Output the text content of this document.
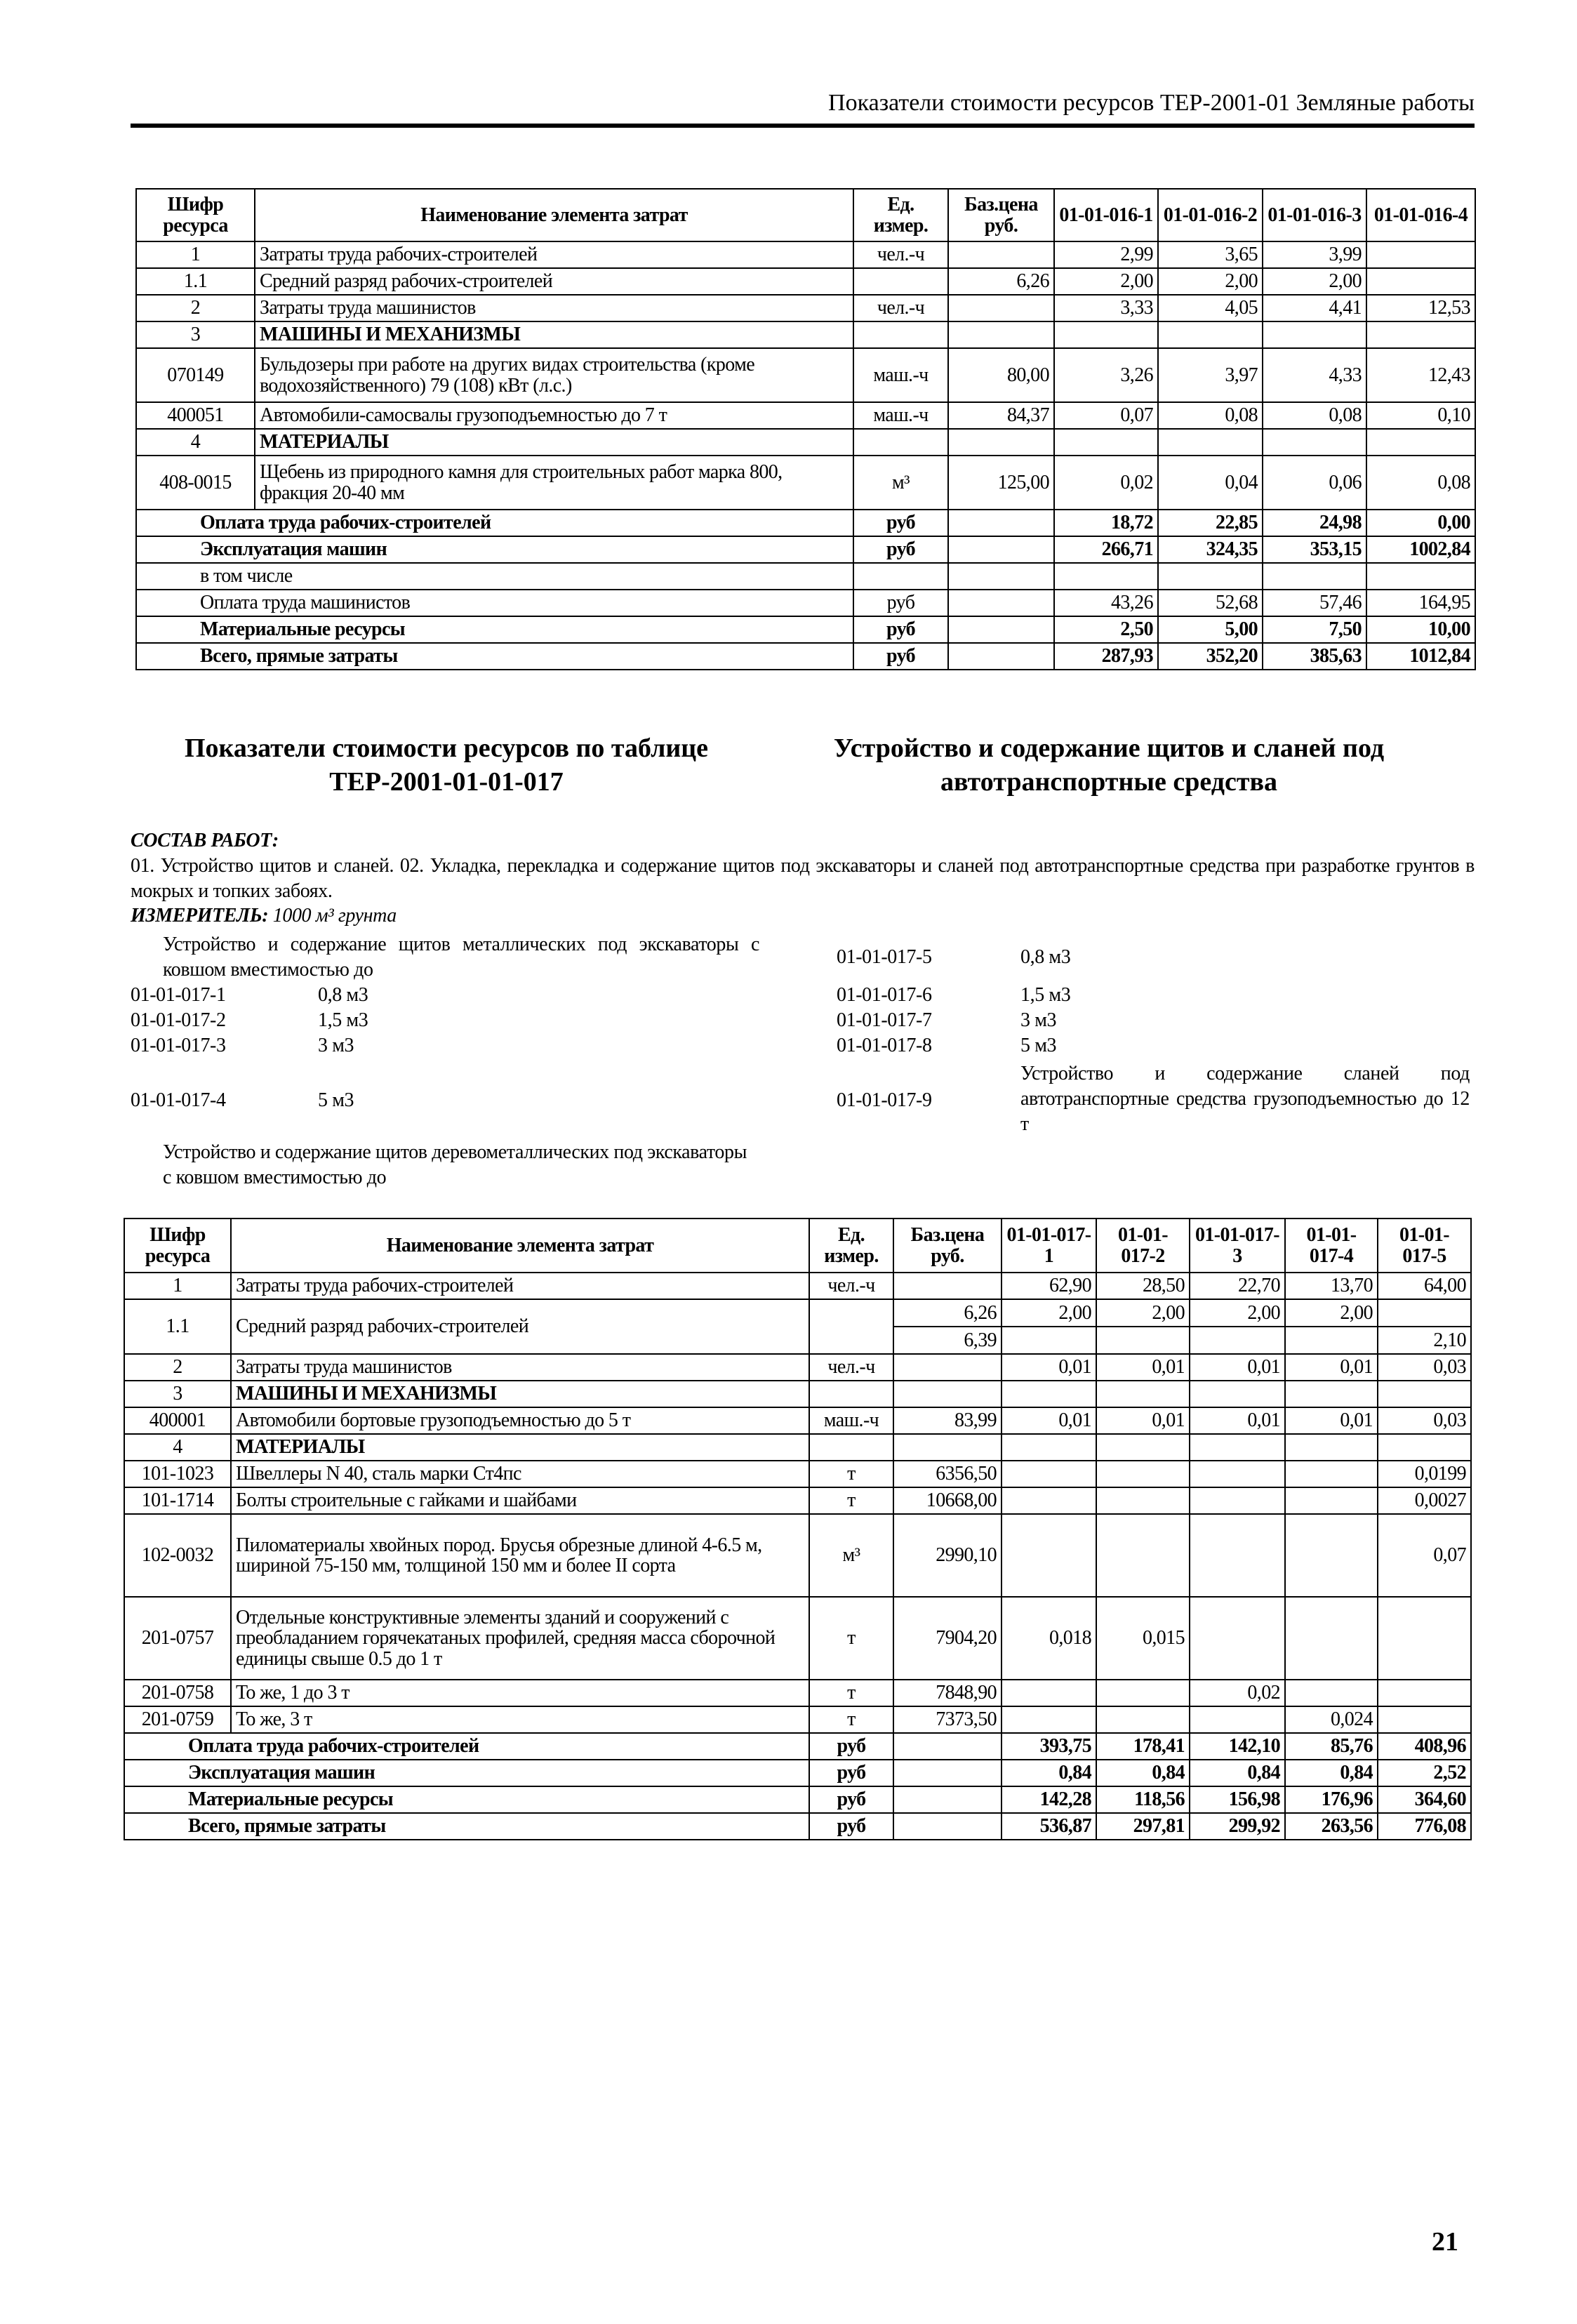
Показатели стоимости ресурсов ТЕР-2001-01 Земляные работы
Шифр ресурса	Наименование элемента затрат	Ед. измер.	Баз.цена руб.	01-01-016-1	01-01-016-2	01-01-016-3	01-01-016-4
1	Затраты труда рабочих-строителей	чел.-ч		2,99	3,65	3,99	
1.1	Средний разряд рабочих-строителей		6,26	2,00	2,00	2,00	
2	Затраты труда машинистов	чел.-ч		3,33	4,05	4,41	12,53
3	МАШИНЫ И МЕХАНИЗМЫ						
070149	Бульдозеры при работе на других видах строительства (кроме водохозяйственного) 79 (108) кВт (л.с.)	маш.-ч	80,00	3,26	3,97	4,33	12,43
400051	Автомобили-самосвалы грузоподъемностью до 7 т	маш.-ч	84,37	0,07	0,08	0,08	0,10
4	МАТЕРИАЛЫ						
408-0015	Щебень из природного камня для строительных работ марка 800, фракция 20-40 мм	м³	125,00	0,02	0,04	0,06	0,08
Оплата труда рабочих-строителей		руб		18,72	22,85	24,98	0,00
Эксплуатация машин		руб		266,71	324,35	353,15	1002,84
в том числе							
Оплата труда машинистов		руб		43,26	52,68	57,46	164,95
Материальные ресурсы		руб		2,50	5,00	7,50	10,00
Всего, прямые затраты		руб		287,93	352,20	385,63	1012,84
Показатели стоимости ресурсов по таблице
ТЕР-2001-01-01-017
Устройство и содержание щитов и сланей под
автотранспортные средства
СОСТАВ РАБОТ:
01. Устройство щитов и сланей. 02. Укладка, перекладка и содержание щитов под экскаваторы и сланей под автотранспортные средства при разработке грунтов в мокрых и топких забоях.
ИЗМЕРИТЕЛЬ: 1000 м³ грунта
Устройство и содержание щитов металлических под экскаваторы с ковшом вместимостью до
01-01-017-1	0,8 м3
01-01-017-2	1,5 м3
01-01-017-3	3 м3
01-01-017-4	5 м3
01-01-017-5	0,8 м3
01-01-017-6	1,5 м3
01-01-017-7	3 м3
01-01-017-8	5 м3
01-01-017-9
Устройство и содержание сланей под автотранспортные средства грузоподъемностью до 12 т
Устройство и содержание щитов деревометаллических под экскаваторы с ковшом вместимостью до
Шифр ресурса	Наименование элемента затрат	Ед. измер.	Баз.цена руб.	01-01-017-1	01-01-017-2	01-01-017-3	01-01-017-4	01-01-017-5
1	Затраты труда рабочих-строителей	чел.-ч		62,90	28,50	22,70	13,70	64,00
1.1	Средний разряд рабочих-строителей		6,26	2,00	2,00	2,00	2,00	
			6,39					2,10
2	Затраты труда машинистов	чел.-ч		0,01	0,01	0,01	0,01	0,03
3	МАШИНЫ И МЕХАНИЗМЫ							
400001	Автомобили бортовые грузоподъемностью до 5 т	маш.-ч	83,99	0,01	0,01	0,01	0,01	0,03
4	МАТЕРИАЛЫ							
101-1023	Швеллеры N 40, сталь марки Ст4пс	т	6356,50					0,0199
101-1714	Болты строительные с гайками и шайбами	т	10668,00					0,0027
102-0032	Пиломатериалы хвойных пород. Брусья обрезные длиной 4-6.5 м, шириной 75-150 мм, толщиной 150 мм и более II сорта	м³	2990,10					0,07
201-0757	Отдельные конструктивные элементы зданий и сооружений с преобладанием горячекатаных профилей, средняя масса сборочной единицы свыше 0.5 до 1 т	т	7904,20	0,018	0,015			
201-0758	То же, 1 до 3 т	т	7848,90			0,02		
201-0759	То же, 3 т	т	7373,50				0,024	
Оплата труда рабочих-строителей		руб		393,75	178,41	142,10	85,76	408,96
Эксплуатация машин		руб		0,84	0,84	0,84	0,84	2,52
Материальные ресурсы		руб		142,28	118,56	156,98	176,96	364,60
Всего, прямые затраты		руб		536,87	297,81	299,92	263,56	776,08
21
